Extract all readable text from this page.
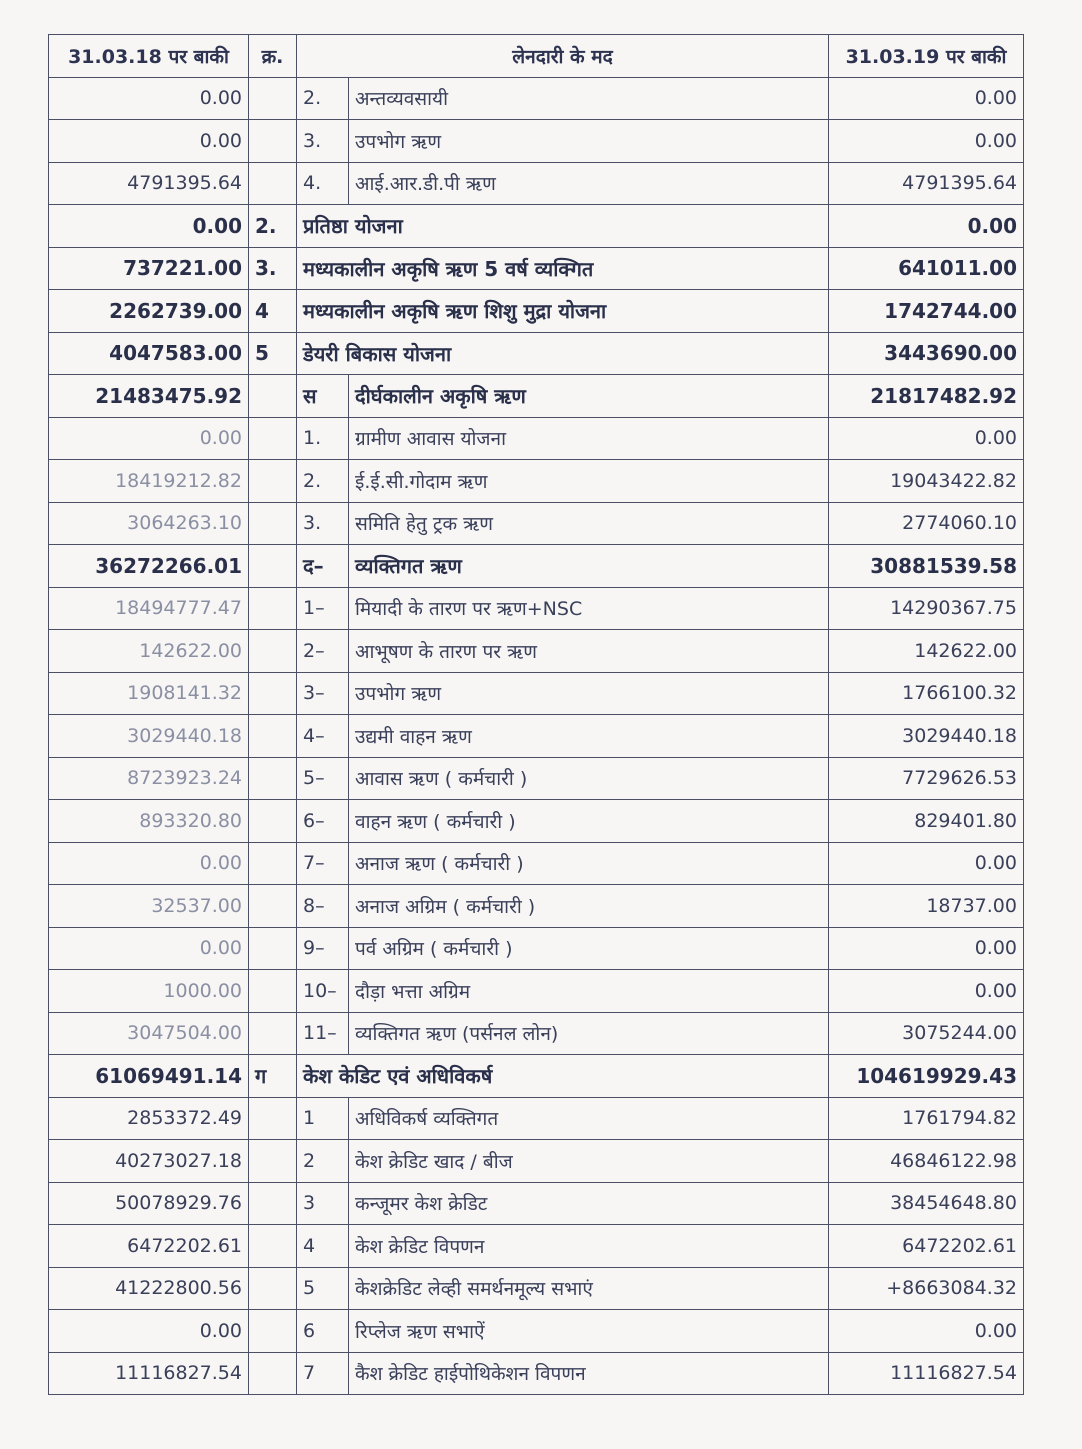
31.03.18 पर बाकी	क्र.	लेनदारी के मद		31.03.19 पर बाकी
0.00		2.	अन्तव्यवसायी	0.00
0.00		3.	उपभोग ऋण	0.00
4791395.64		4.	आई.आर.डी.पी ऋण	4791395.64
0.00	2.	प्रतिष्ठा योजना		0.00
737221.00	3.	मध्यकालीन अकृषि ऋण 5 वर्ष व्यक्गित		641011.00
2262739.00	4	मध्यकालीन अकृषि ऋण शिशु मुद्रा योजना		1742744.00
4047583.00	5	डेयरी बिकास योजना		3443690.00
21483475.92		स	दीर्घकालीन अकृषि ऋण	21817482.92
0.00		1.	ग्रामीण आवास योजना	0.00
18419212.82		2.	ई.ई.सी.गोदाम ऋण	19043422.82
3064263.10		3.	समिति हेतु ट्रक ऋण	2774060.10
36272266.01		द–	व्यक्तिगत ऋण	30881539.58
18494777.47		1–	मियादी के तारण पर ऋण+NSC	14290367.75
142622.00		2–	आभूषण के तारण पर ऋण	142622.00
1908141.32		3–	उपभोग ऋण	1766100.32
3029440.18		4–	उद्यमी वाहन ऋण	3029440.18
8723923.24		5–	आवास ऋण ( कर्मचारी )	7729626.53
893320.80		6–	वाहन ऋण ( कर्मचारी )	829401.80
0.00		7–	अनाज ऋण ( कर्मचारी )	0.00
32537.00		8–	अनाज अग्रिम ( कर्मचारी )	18737.00
0.00		9–	पर्व अग्रिम ( कर्मचारी )	0.00
1000.00		10–	दौड़ा भत्ता अग्रिम	0.00
3047504.00		11–	व्यक्तिगत ऋण (पर्सनल लोन)	3075244.00
61069491.14	ग	केश केडिट एवं अधिविकर्ष		104619929.43
2853372.49		1	अधिविकर्ष व्यक्तिगत	1761794.82
40273027.18		2	केश क्रेडिट खाद / बीज	46846122.98
50078929.76		3	कन्जूमर केश क्रेडिट	38454648.80
6472202.61		4	केश क्रेडिट विपणन	6472202.61
41222800.56		5	केशक्रेडिट लेव्ही समर्थनमूल्य सभाएं	+8663084.32
0.00		6	रिप्लेज ऋण सभाऐं	0.00
11116827.54		7	कैश क्रेडिट हाईपोथिकेशन विपणन	11116827.54
